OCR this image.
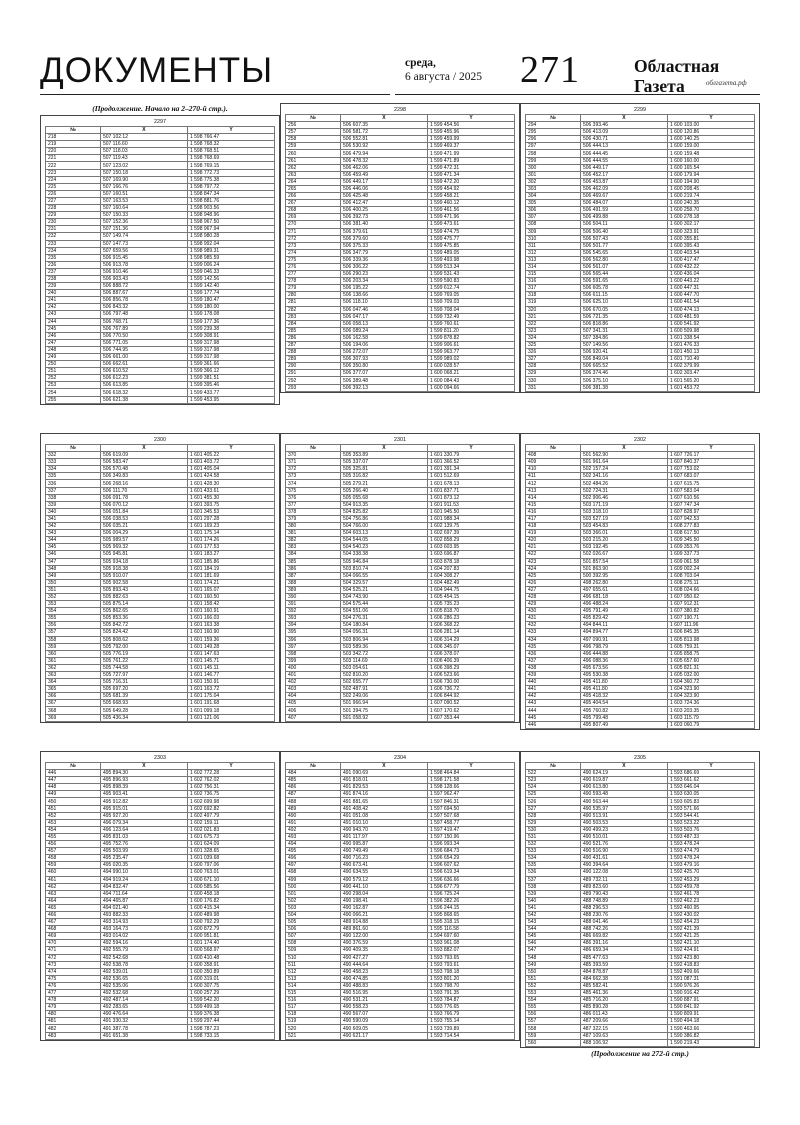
ДОКУМЕНТЫ	среда,
6 августа / 2025 271	Областная
Газета	облгазета.рф
(Продолжение. Начало на 2–270-й стр.).
2297
№	X	Y
218	507 102.12	1 598 766.47
219	507 116.60	1 598 768.32
220	507 118.03	1 598 768.51
221	507 119.43	1 598 768.69
222	507 123.02	1 598 769.15
223	507 150.18	1 598 772.73
224	507 169.90	1 598 775.38
225	507 166.76	1 598 797.72
226	507 160.51	1 598 847.34
227	507 163.53	1 598 881.76
228	507 160.64	1 598 903.56
229	507 150.33	1 598 948.96
230	507 152.36	1 598 967.50
231	507 151.36	1 598 967.94
232	507 149.74	1 598 980.28
233	507 147.73	1 598 992.04
234	507 659.56	1 598 989.31
235	506 915.45	1 598 985.59
236	506 913.78	1 599 006.24
237	506 910.46	1 599 046.33
238	506 903.43	1 599 142.56
239	506 888.72	1 599 142.40
240	506 887.67	1 599 177.74
241	506 856.78	1 599 180.47
242	506 843.32	1 599 180.00
243	506 797.48	1 599 178.08
244	506 768.71	1 599 177.36
245	506 767.89	1 599 239.38
246	506 770.50	1 599 308.91
247	506 771.05	1 599 317.98
248	506 744.95	1 599 317.98
249	506 661.00	1 599 317.98
250	506 662.61	1 599 361.66
251	506 610.52	1 599 366.12
252	506 612.23	1 599 381.51
253	506 613.85	1 599 395.46
254	506 618.32	1 599 433.77
255	506 621.38	1 599 453.95
2298
№	X	Y
256	506 607.35	1 599 454.56
257	506 581.72	1 599 455.96
258	506 552.81	1 599 459.99
259	506 530.92	1 599 469.37
260	506 479.94	1 599 471.99
261	506 478.32	1 599 471.89
262	506 462.06	1 599 472.31
263	506 459.49	1 599 471.34
264	506 449.17	1 599 472.20
265	506 446.06	1 599 454.92
266	506 425.48	1 599 458.21
267	506 412.47	1 599 460.12
268	506 400.25	1 599 461.56
269	506 392.73	1 599 471.96
270	506 381.40	1 599 473.61
271	506 379.61	1 599 474.75
272	506 379.60	1 599 475.77
273	506 375.33	1 599 475.85
274	506 347.79	1 599 489.05
275	506 339.36	1 599 493.98
276	506 306.22	1 599 513.34
277	506 290.23	1 599 531.43
278	506 203.34	1 599 590.83
279	506 195.22	1 599 612.74
280	506 138.66	1 599 769.05
281	506 118.10	1 599 709.03
282	506 047.46	1 599 708.04
283	506 047.17	1 599 732.49
284	506 058.13	1 599 760.61
285	506 089.24	1 599 811.20
286	506 162.58	1 599 878.82
287	506 194.06	1 599 906.61
288	506 272.07	1 599 963.77
289	506 307.93	1 599 989.02
290	506 350.80	1 600 028.57
291	506 377.07	1 600 068.21
292	506 389.48	1 600 084.43
293	506 392.13	1 600 094.66
2299
№	X	Y
294	506 393.46	1 600 103.00
295	506 413.09	1 600 120.86
296	506 430.71	1 600 140.25
297	506 444.13	1 600 159.00
298	506 444.45	1 600 159.48
299	506 444.55	1 600 160.00
300	506 449.17	1 600 165.54
301	506 452.17	1 600 179.94
302	506 453.87	1 600 194.90
303	506 462.09	1 600 208.45
304	506 469.67	1 600 219.74
305	506 484.07	1 600 240.35
306	506 491.59	1 600 258.70
307	506 499.88	1 600 278.18
308	506 504.11	1 600 302.17
309	506 506.40	1 600 323.91
310	506 507.43	1 600 355.81
311	506 501.77	1 600 395.43
312	506 545.65	1 600 403.54
313	506 562.80	1 600 417.47
314	506 561.07	1 600 432.22
315	506 565.44	1 600 436.04
316	506 591.65	1 600 443.22
317	506 605.78	1 600 447.31
318	506 611.15	1 600 447.70
319	506 625.10	1 600 461.54
320	506 670.05	1 600 474.13
321	506 721.35	1 600 481.59
322	506 818.86	1 600 541.92
323	507 341.31	1 600 509.98
324	507 384.86	1 601 338.54
325	507 149.56	1 601 476.33
326	506 920.41	1 601 450.13
327	506 849.04	1 601 710.49
328	506 665.52	1 602 379.99
329	506 374.46	1 602 303.47
330	506 375.10	1 601 565.20
331	506 381.38	1 601 453.72
2300
№	X	Y
332	506 619.09	1 601 405.22
333	506 583.47	1 601 403.72
334	506 570.48	1 601 405.04
335	506 349.83	1 601 424.58
336	506 268.16	1 601 428.30
337	506 111.70	1 601 433.61
338	506 091.78	1 601 455.30
339	506 070.12	1 601 393.75
340	506 051.84	1 601 345.53
341	506 038.53	1 601 297.28
342	506 035.21	1 601 169.23
343	506 004.29	1 601 175.14
344	505 989.57	1 601 174.26
345	505 969.32	1 601 177.53
346	505 945.81	1 601 183.27
347	505 934.18	1 601 185.86
348	505 918.38	1 601 184.19
349	505 910.07	1 601 181.69
350	505 902.58	1 601 174.21
351	505 893.43	1 601 165.07
352	505 882.63	1 601 160.50
353	505 875.14	1 601 158.42
354	505 862.65	1 601 160.91
355	505 853.36	1 601 166.03
356	505 842.72	1 601 163.38
357	505 824.42	1 601 160.90
358	505 808.62	1 601 159.36
359	505 792.00	1 601 149.28
360	505 776.19	1 601 147.63
361	505 761.22	1 601 145.71
362	505 744.58	1 601 145.11
363	505 727.97	1 601 146.77
364	505 716.31	1 601 150.91
365	505 697.20	1 601 163.72
366	505 681.39	1 601 175.04
367	505 668.93	1 601 191.68
368	505 649.28	1 601 099.18
369	505 436.34	1 601 121.06
2301
№	X	Y
370	505 353.89	1 601 330.79
371	505 337.07	1 601 366.52
372	505 325.81	1 601 391.34
373	505 316.82	1 601 512.69
374	505 279.21	1 601 678.13
375	505 266.40	1 601 837.71
376	505 055.68	1 601 873.12
377	504 913.35	1 601 911.53
378	504 825.82	1 601 945.50
379	504 756.86	1 601 988.34
380	504 766.00	1 602 139.75
381	504 603.13	1 602 697.39
382	504 544.05	1 602 858.29
383	504 540.23	1 603 603.95
384	504 338.38	1 603 696.87
385	505 946.84	1 603 878.18
386	503 810.74	1 604 207.83
387	504 066.55	1 604 308.27
388	504 329.57	1 604 482.49
389	504 525.21	1 604 944.75
390	504 743.90	1 605 454.15
391	504 575.44	1 605 735.23
392	504 551.06	1 605 818.70
393	504 276.31	1 606 286.23
394	504 180.84	1 606 368.22
395	504 056.31	1 606 281.14
396	503 806.94	1 606 314.29
397	503 589.36	1 606 345.07
398	503 342.72	1 606 378.07
399	503 114.69	1 606 406.39
400	503 054.61	1 606 398.29
401	502 810.20	1 606 523.66
402	502 655.77	1 606 730.00
403	502 487.91	1 606 736.72
404	502 249.06	1 606 844.92
405	501 966.94	1 607 090.52
406	501 394.75	1 607 170.62
407	501 058.92	1 607 353.44
2302
№	X	Y
408	501 562.90	1 607 726.17
409	501 961.64	1 607 840.37
410	502 157.24	1 607 753.02
411	502 341.16	1 607 683.07
412	502 484.26	1 607 615.75
413	502 724.31	1 607 583.04
414	502 906.46	1 607 610.56
415	503 171.19	1 607 747.34
416	503 318.10	1 607 828.97
417	503 527.19	1 607 942.53
418	503 454.83	1 608 277.83
419	503 366.01	1 608 617.50
420	503 215.20	1 609 345.50
421	503 192.45	1 609 353.76
422	502 026.67	1 609 337.73
423	501 857.54	1 609 061.58
424	501 863.90	1 609 002.24
425	500 392.95	1 608 703.04
426	498 262.80	1 608 275.11
427	497 655.61	1 608 024.66
428	496 681.18	1 607 950.62
429	496 488.24	1 607 912.31
430	495 791.49	1 607 380.82
431	495 829.42	1 607 190.71
432	494 844.11	1 607 111.96
433	494 894.77	1 606 845.35
434	497 090.91	1 605 813.98
435	496 798.79	1 605 759.31
436	496 444.88	1 605 858.75
437	496 088.36	1 605 657.60
438	495 673.56	1 605 821.31
439	495 530.38	1 605 032.00
440	495 411.80	1 604 360.72
441	495 411.80	1 604 323.90
442	495 418.32	1 604 323.90
443	495 404.54	1 603 724.36
444	495 760.82	1 603 203.35
445	495 799.48	1 603 115.79
446	495 807.49	1 603 060.79
2303
№	X	Y
446	495 894.30	1 602 772.28
447	495 896.93	1 602 762.02
448	495 898.39	1 602 756.31
449	495 903.41	1 602 736.75
450	495 912.82	1 602 699.98
451	495 915.01	1 602 692.82
452	495 927.20	1 602 497.79
453	496 079.34	1 602 159.11
454	496 123.64	1 602 021.83
455	495 831.03	1 601 675.73
456	495 752.76	1 601 624.09
457	495 503.99	1 601 328.65
458	495 235.47	1 601 039.68
459	495 020.35	1 600 797.06
460	494 990.10	1 600 763.01
461	494 919.24	1 600 671.10
462	494 832.47	1 600 585.56
463	494 711.64	1 600 458.18
464	494 465.87	1 600 176.82
465	494 021.40	1 600 415.34
466	493 882.33	1 600 489.98
467	493 314.93	1 600 792.29
468	493 164.73	1 600 872.79
469	493 014.02	1 600 951.81
470	492 594.16	1 601 174.40
471	492 555.79	1 600 568.97
472	492 542.68	1 600 410.48
473	492 538.78	1 600 358.91
474	492 539.01	1 600 350.89
475	492 536.65	1 600 319.01
476	492 535.06	1 600 307.75
477	492 532.68	1 600 257.29
478	492 487.14	1 599 542.20
479	492 283.65	1 599 499.18
480	490 476.64	1 599 376.38
481	491 330.32	1 599 297.44
482	491 387.78	1 598 787.23
483	491 651.38	1 598 733.15
2304
№	X	Y
484	491 090.69	1 598 464.84
485	491 818.01	1 598 171.58
486	491 829.53	1 598 128.66
487	491 874.16	1 597 962.47
488	491 881.65	1 597 846.31
489	491 408.42	1 597 694.50
490	491 051.08	1 597 507.68
491	491 010.10	1 597 458.77
492	490 943.70	1 597 419.47
493	491 117.97	1 597 150.96
494	490 995.87	1 596 993.34
495	490 749.49	1 596 684.73
496	490 716.23	1 596 654.29
497	490 673.41	1 596 607.62
498	490 634.55	1 596 619.34
499	490 579.12	1 596 636.66
500	490 441.10	1 596 677.79
501	490 298.04	1 596 725.24
502	490 198.41	1 596 382.26
503	490 162.87	1 596 244.15
504	490 066.21	1 595 868.65
505	489 914.88	1 595 318.15
506	489 861.60	1 595 116.58
507	490 122.00	1 594 697.60
508	490 376.59	1 593 961.08
509	490 409.35	1 593 882.07
510	490 427.27	1 593 793.65
511	490 444.64	1 593 793.61
512	490 458.23	1 593 798.18
513	490 474.85	1 593 801.20
514	490 488.83	1 593 798.70
515	490 516.95	1 593 791.35
516	490 531.21	1 593 784.87
517	490 558.23	1 593 776.65
518	490 567.07	1 593 766.79
519	490 590.09	1 593 755.14
520	490 609.05	1 593 739.89
521	490 621.17	1 593 714.54
2305
№	X	Y
522	490 624.19	1 593 686.69
523	490 619.87	1 593 661.62
524	490 613.80	1 593 646.04
525	490 593.48	1 593 630.05
526	490 563.44	1 593 605.83
527	490 535.97	1 593 571.66
528	490 513.91	1 593 544.41
529	490 503.53	1 593 523.22
530	490 499.23	1 593 503.76
531	490 510.01	1 593 487.33
532	490 521.76	1 593 478.24
533	490 516.90	1 593 474.79
534	490 431.61	1 593 478.24
535	490 394.64	1 593 479.16
536	490 122.08	1 592 425.70
537	489 732.11	1 592 453.29
538	489 823.60	1 592 459.78
539	489 790.43	1 592 461.78
540	488 748.89	1 592 462.23
541	488 296.53	1 592 460.95
542	488 230.76	1 592 430.02
543	488 041.46	1 592 454.23
544	488 742.26	1 592 421.39
545	486 669.82	1 592 421.25
546	486 391.16	1 592 421.10
547	486 659.34	1 592 424.91
548	485 477.63	1 592 423.80
549	485 393.59	1 592 418.83
550	484 878.87	1 592 409.66
551	484 662.38	1 591 087.31
552	485 582.41	1 590 976.26
553	485 461.36	1 590 916.42
554	485 716.20	1 590 887.91
555	485 890.28	1 590 841.92
556	486 011.43	1 590 809.91
557	487 209.66	1 590 494.18
558	487 322.15	1 590 463.66
559	487 109.63	1 590 386.82
560	488 106.92	1 590 219.43
(Продолжение на 272-й стр.)
